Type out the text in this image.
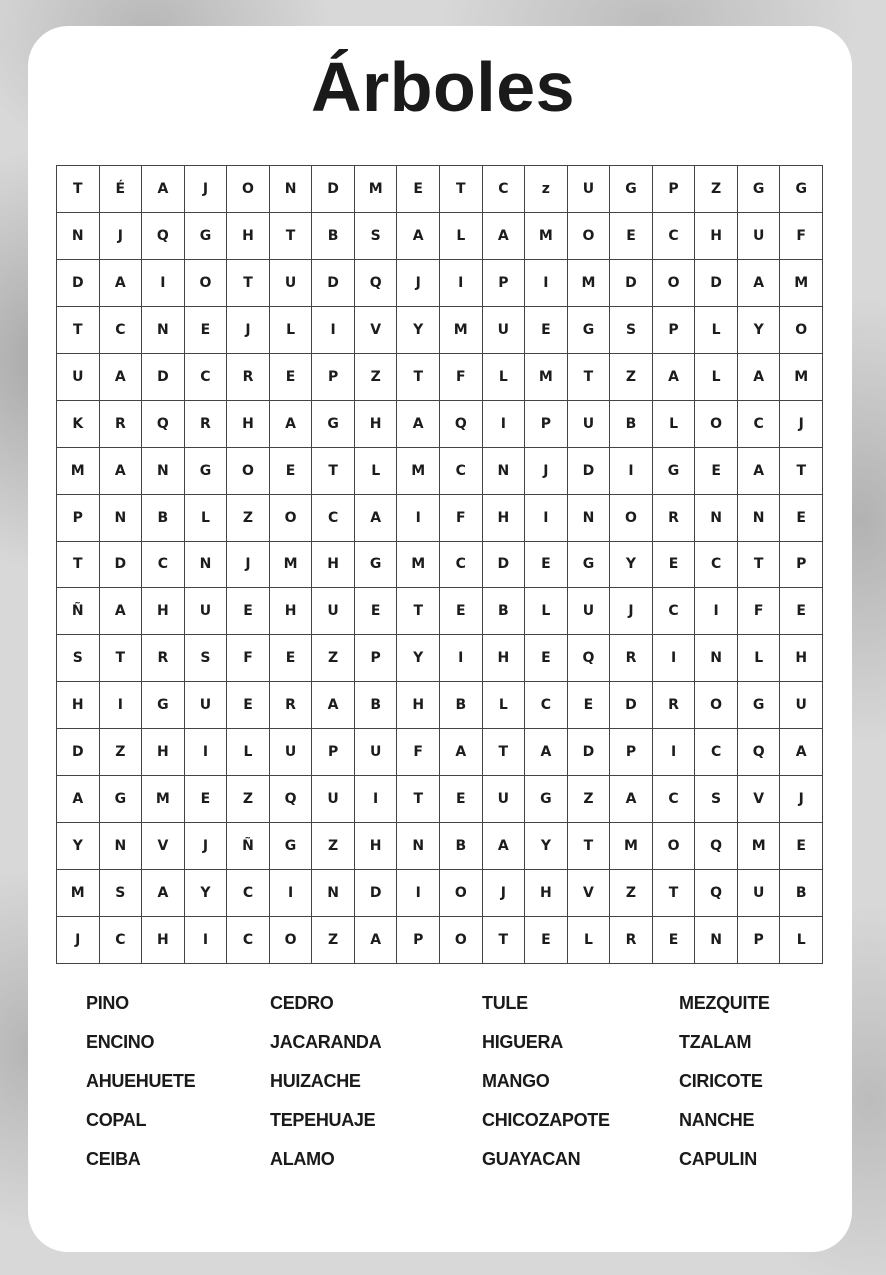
Árboles
T	É	A	J	O	N	D	M	E	T	C	z	U	G	P	Z	G	G
N	J	Q	G	H	T	B	S	A	L	A	M	O	E	C	H	U	F
D	A	I	O	T	U	D	Q	J	I	P	I	M	D	O	D	A	M
T	C	N	E	J	L	I	V	Y	M	U	E	G	S	P	L	Y	O
U	A	D	C	R	E	P	Z	T	F	L	M	T	Z	A	L	A	M
K	R	Q	R	H	A	G	H	A	Q	I	P	U	B	L	O	C	J
M	A	N	G	O	E	T	L	M	C	N	J	D	I	G	E	A	T
P	N	B	L	Z	O	C	A	I	F	H	I	N	O	R	N	N	E
T	D	C	N	J	M	H	G	M	C	D	E	G	Y	E	C	T	P
Ñ	A	H	U	E	H	U	E	T	E	B	L	U	J	C	I	F	E
S	T	R	S	F	E	Z	P	Y	I	H	E	Q	R	I	N	L	H
H	I	G	U	E	R	A	B	H	B	L	C	E	D	R	O	G	U
D	Z	H	I	L	U	P	U	F	A	T	A	D	P	I	C	Q	A
A	G	M	E	Z	Q	U	I	T	E	U	G	Z	A	C	S	V	J
Y	N	V	J	Ñ	G	Z	H	N	B	A	Y	T	M	O	Q	M	E
M	S	A	Y	C	I	N	D	I	O	J	H	V	Z	T	Q	U	B
J	C	H	I	C	O	Z	A	P	O	T	E	L	R	E	N	P	L
PINO	CEDRO	TULE	MEZQUITE
ENCINO	JACARANDA	HIGUERA	TZALAM
AHUEHUETE	HUIZACHE	MANGO	CIRICOTE
COPAL	TEPEHUAJE	CHICOZAPOTE	NANCHE
CEIBA	ALAMO	GUAYACAN	CAPULIN
